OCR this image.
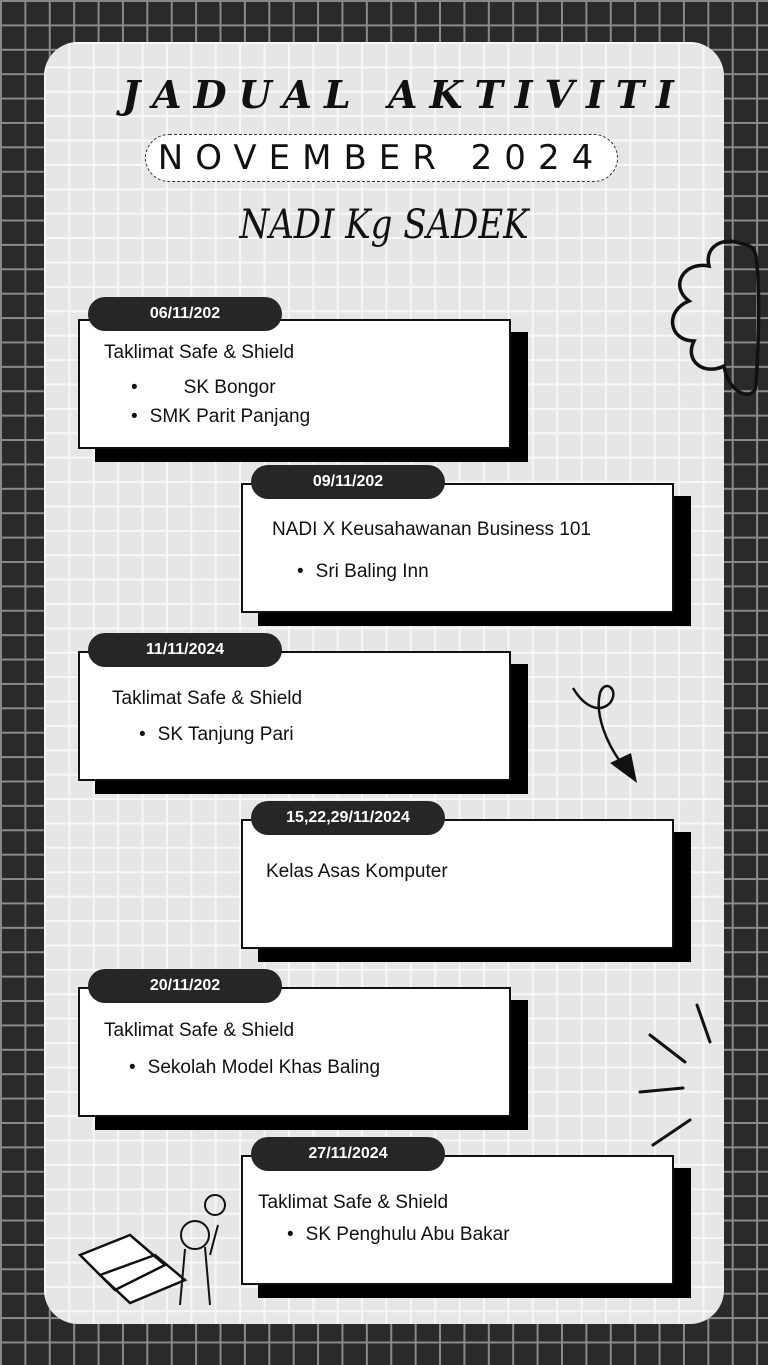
JADUAL AKTIVITI
NOVEMBER 2024
NADI Kg SADEK
06/11/202
Taklimat Safe & Shield
• SK Bongor
• SMK Parit Panjang
09/11/202
NADI X Keusahawanan Business 101
• Sri Baling Inn
11/11/2024
Taklimat Safe & Shield
• SK Tanjung Pari
15,22,29/11/2024
Kelas Asas Komputer
20/11/202
Taklimat Safe & Shield
• Sekolah Model Khas Baling
27/11/2024
Taklimat Safe & Shield
• SK Penghulu Abu Bakar
